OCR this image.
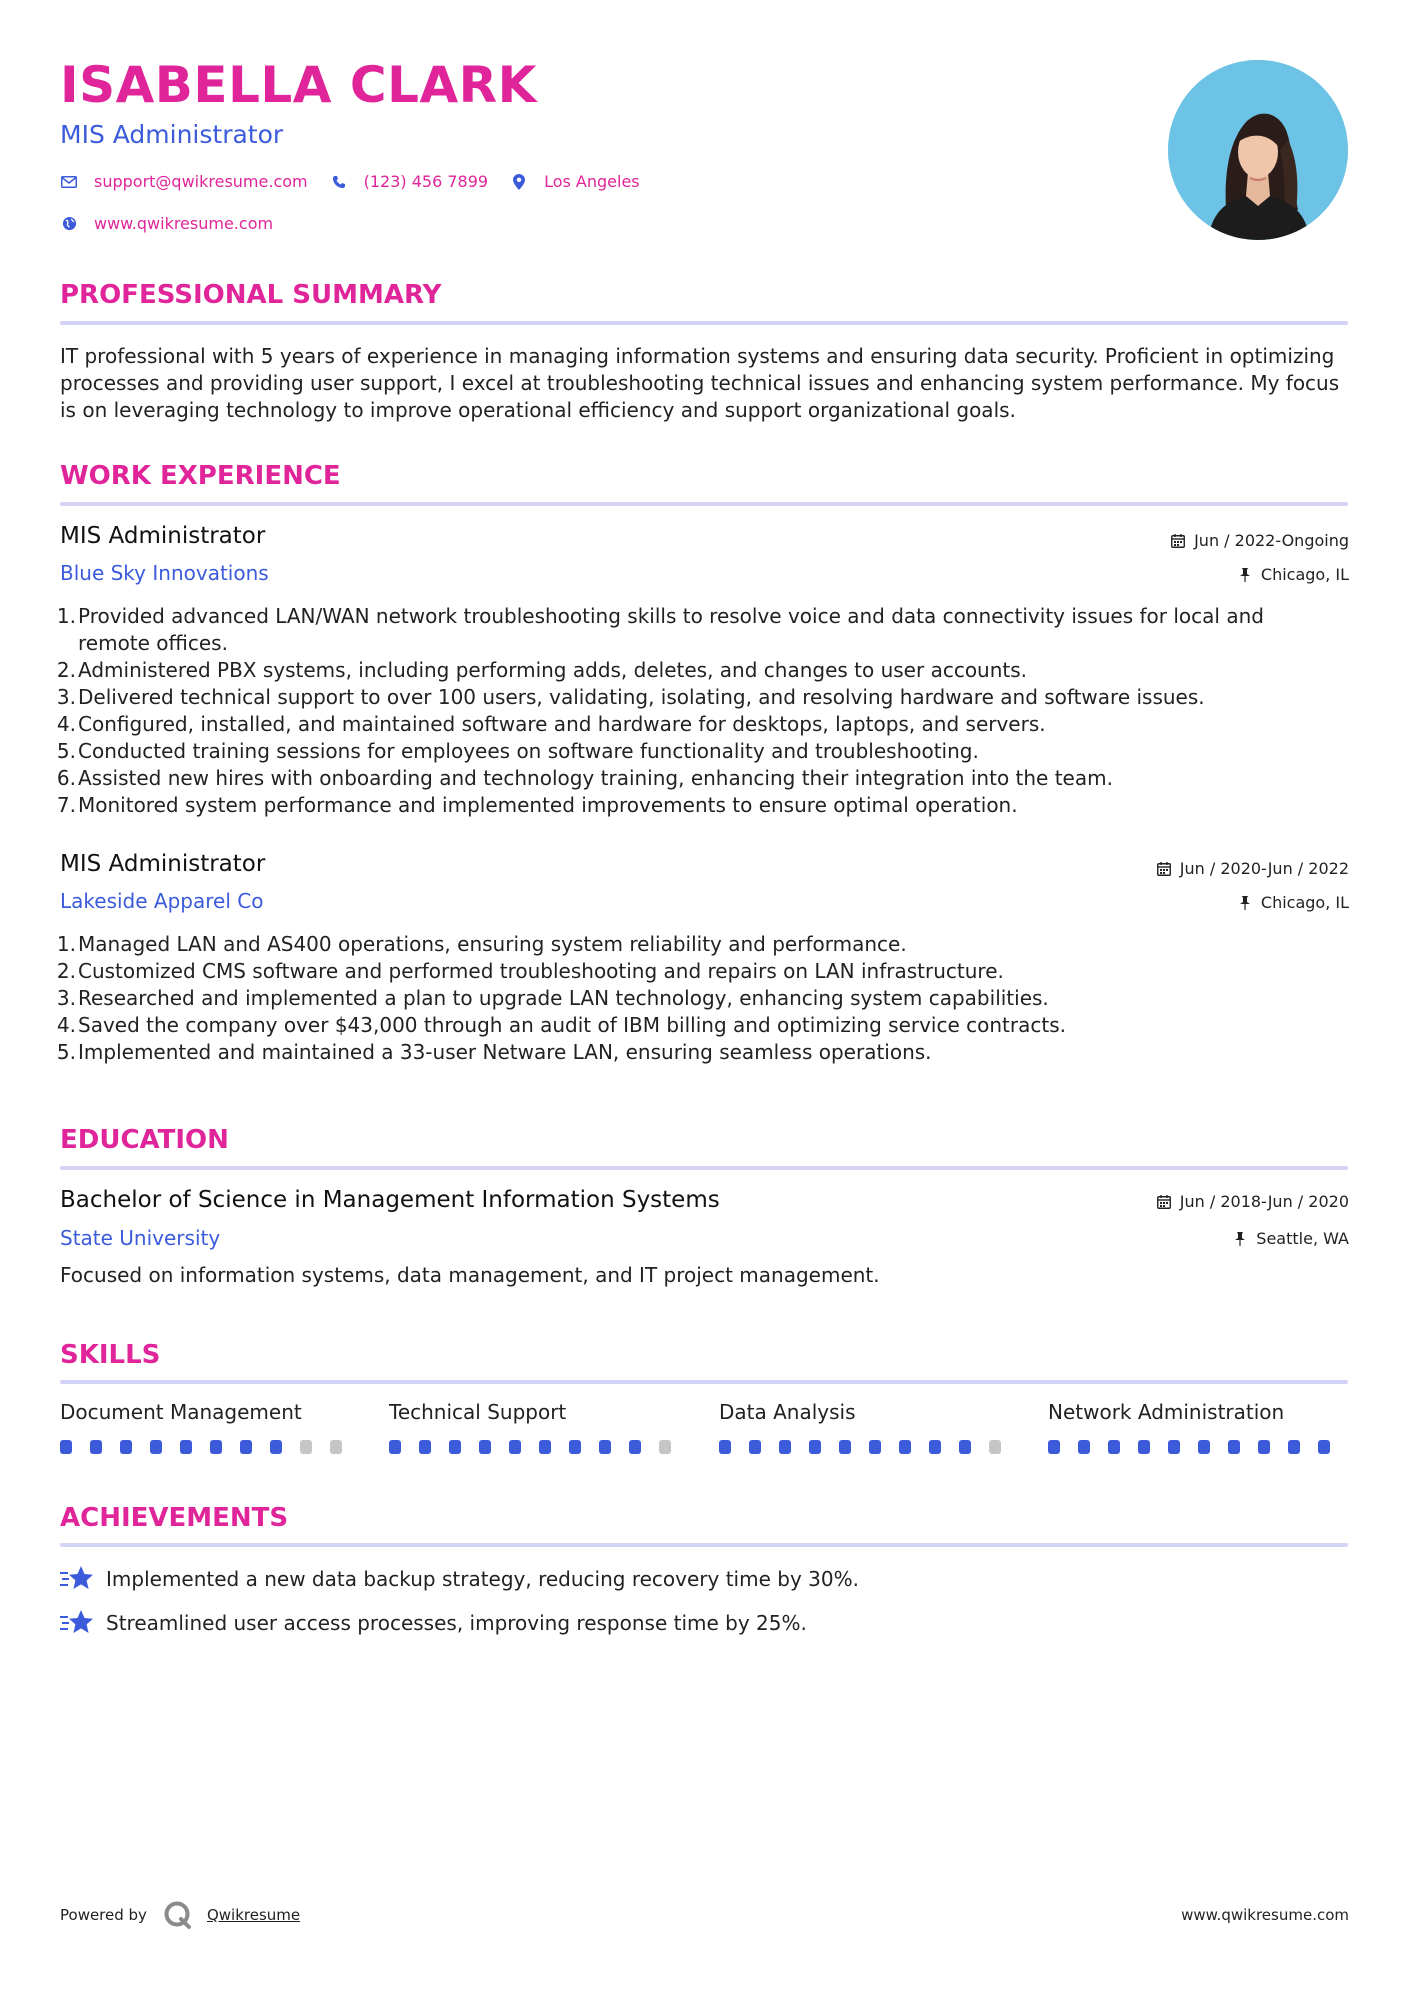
ISABELLA CLARK
MIS Administrator
support@qwikresume.com	(123) 456 7899	Los Angeles
www.qwikresume.com
PROFESSIONAL SUMMARY

IT professional with 5 years of experience in managing information systems and ensuring data security. Proficient in optimizing processes and providing user support, I excel at troubleshooting technical issues and enhancing system performance. My focus is on leveraging technology to improve operational efficiency and support organizational goals.

WORK EXPERIENCE
MIS Administrator	Jun / 2022-Ongoing
Blue Sky Innovations	Chicago, IL
1. Provided advanced LAN/WAN network troubleshooting skills to resolve voice and data connectivity issues for local and remote offices.
2. Administered PBX systems, including performing adds, deletes, and changes to user accounts.
3. Delivered technical support to over 100 users, validating, isolating, and resolving hardware and software issues.
4. Configured, installed, and maintained software and hardware for desktops, laptops, and servers.
5. Conducted training sessions for employees on software functionality and troubleshooting.
6. Assisted new hires with onboarding and technology training, enhancing their integration into the team.
7. Monitored system performance and implemented improvements to ensure optimal operation.
MIS Administrator	Jun / 2020-Jun / 2022
Lakeside Apparel Co	Chicago, IL
1. Managed LAN and AS400 operations, ensuring system reliability and performance.
2. Customized CMS software and performed troubleshooting and repairs on LAN infrastructure.
3. Researched and implemented a plan to upgrade LAN technology, enhancing system capabilities.
4. Saved the company over $43,000 through an audit of IBM billing and optimizing service contracts.
5. Implemented and maintained a 33-user Netware LAN, ensuring seamless operations.
EDUCATION
Bachelor of Science in Management Information Systems	Jun / 2018-Jun / 2020
State University	Seattle, WA

Focused on information systems, data management, and IT project management.

SKILLS
Document Management	Technical Support	Data Analysis	Network Administration
ACHIEVEMENTS
Implemented a new data backup strategy, reducing recovery time by 30%.
Streamlined user access processes, improving response time by 25%.
Powered by	Qwikresume	www.qwikresume.com
